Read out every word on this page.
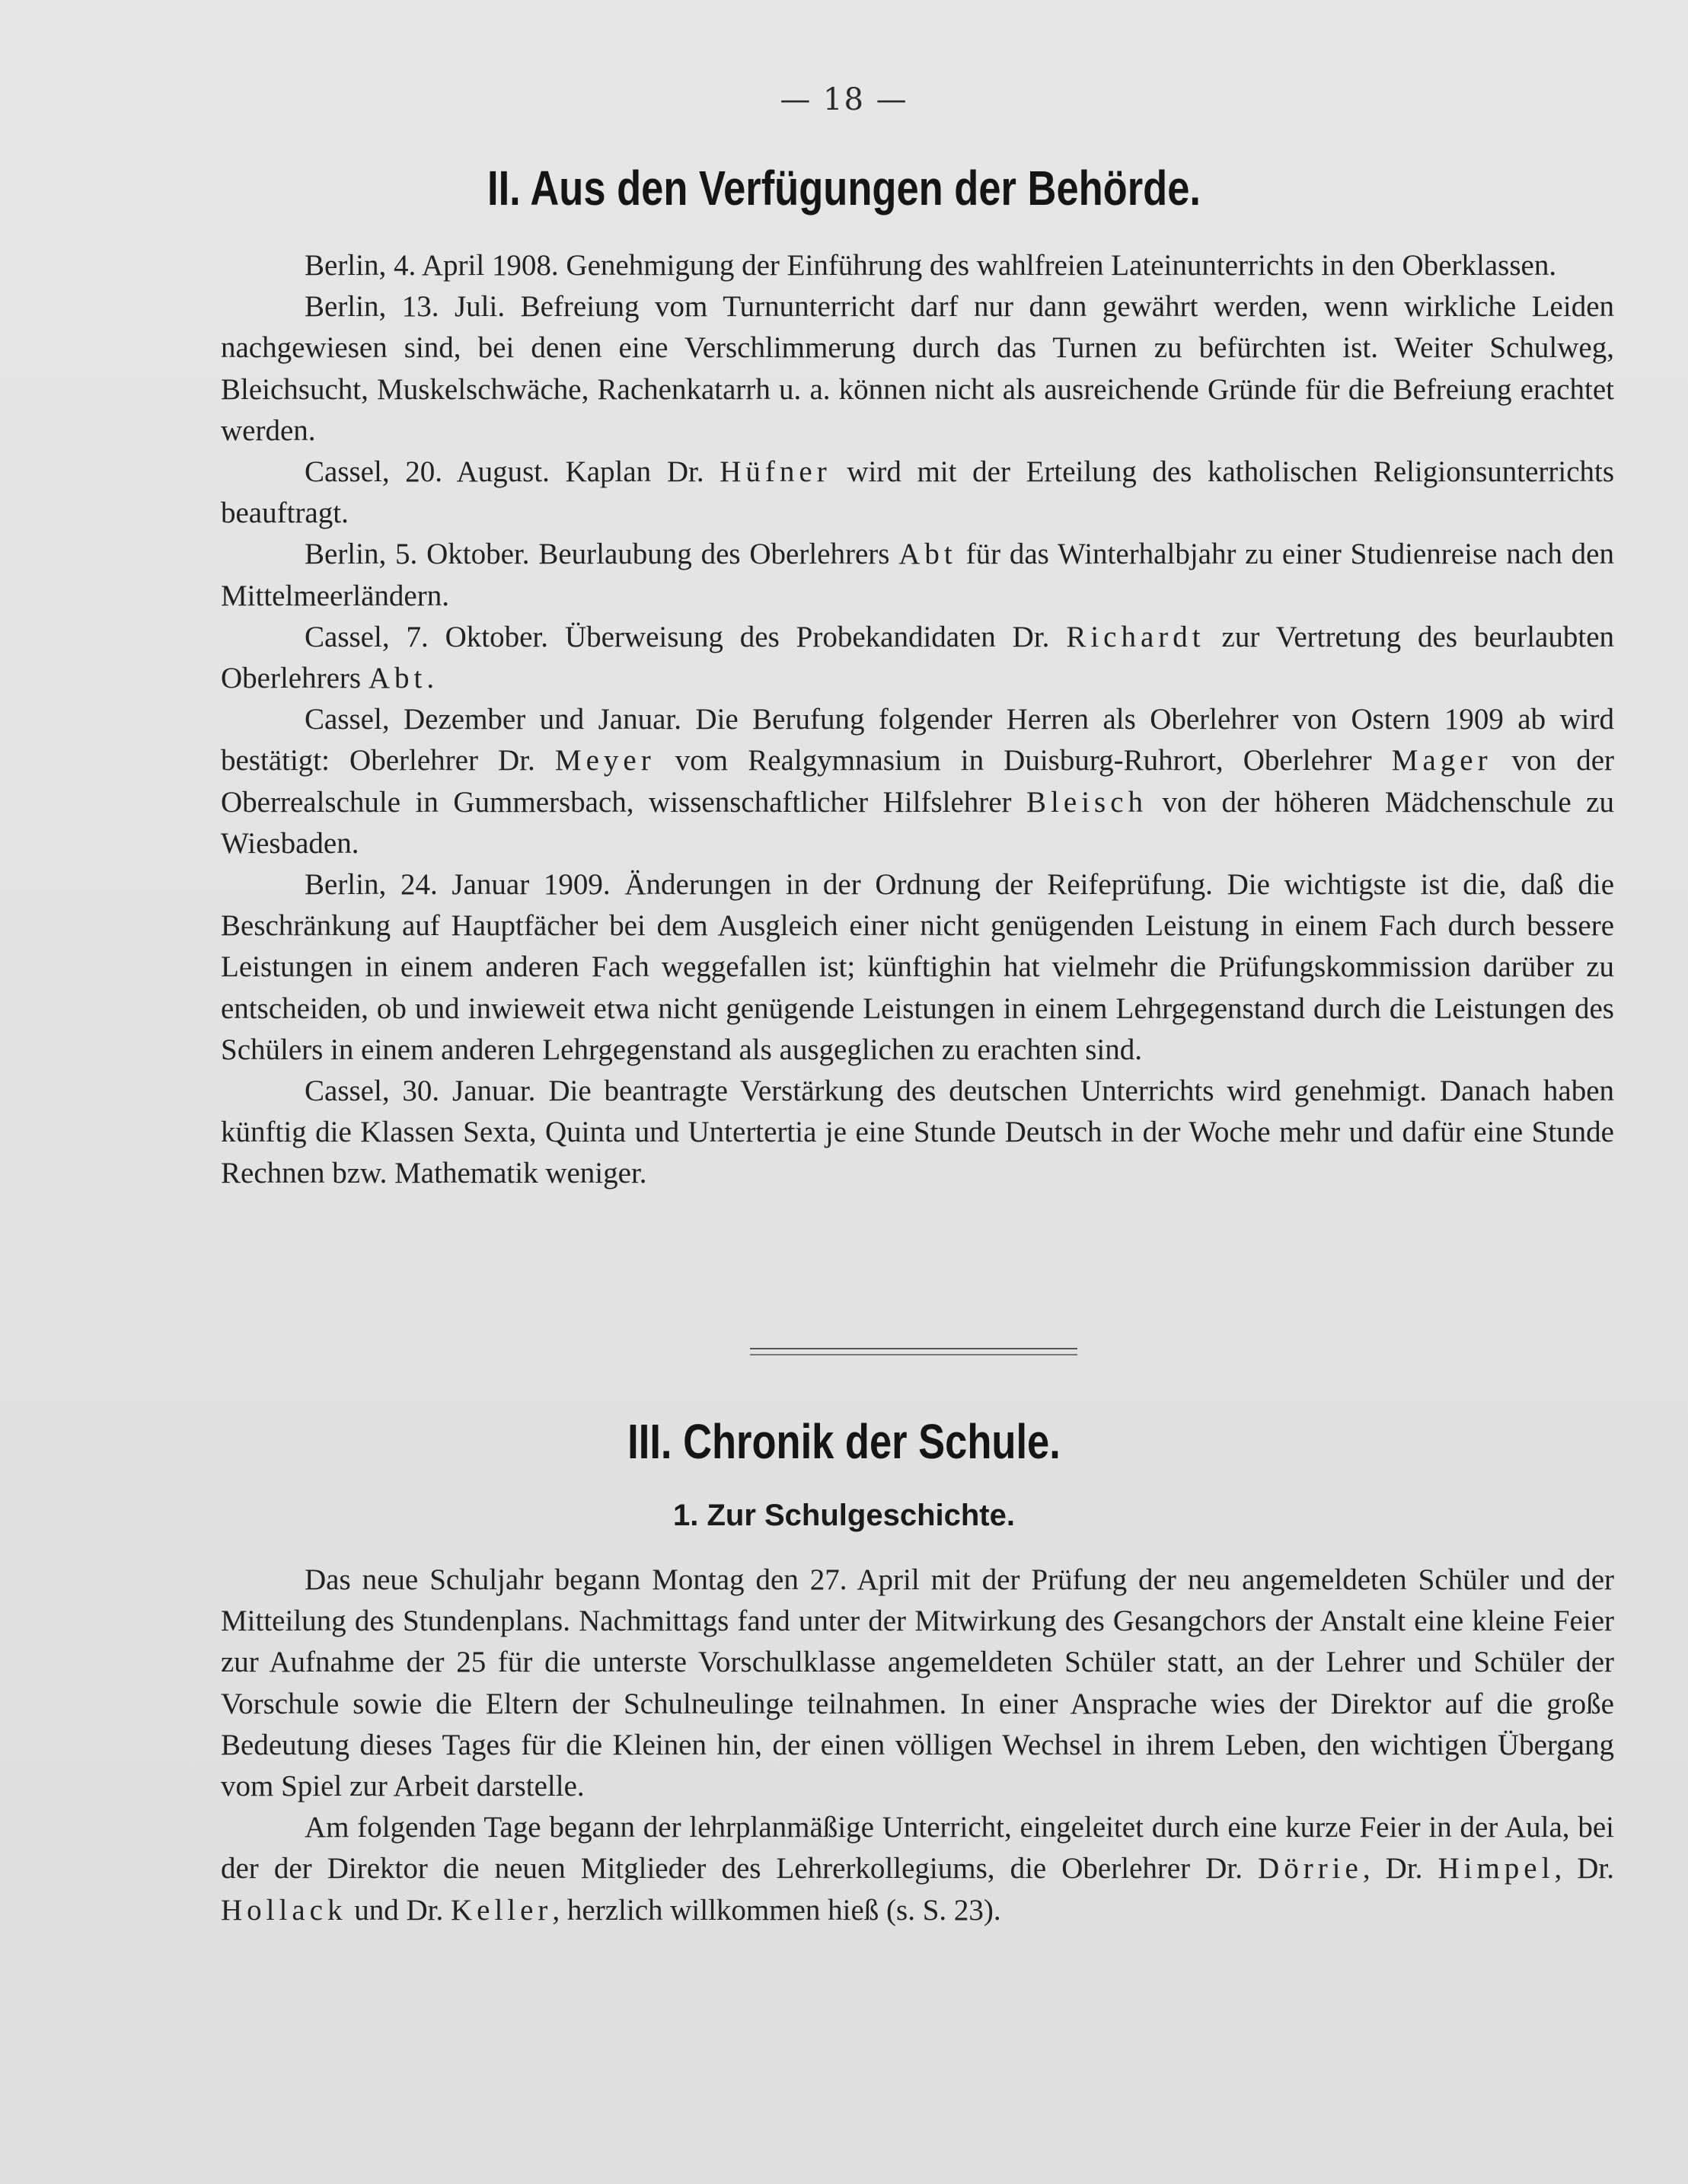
— 18 —
II. Aus den Verfügungen der Behörde.

Berlin, 4. April 1908. Genehmigung der Einführung des wahlfreien Lateinunterrichts in den Oberklassen.

Berlin, 13. Juli. Befreiung vom Turnunterricht darf nur dann gewährt werden, wenn wirkliche Leiden nachgewiesen sind, bei denen eine Verschlimmerung durch das Turnen zu befürchten ist. Weiter Schulweg, Bleichsucht, Muskelschwäche, Rachenkatarrh u. a. können nicht als ausreichende Gründe für die Befreiung erachtet werden.

Cassel, 20. August. Kaplan Dr. Hüfner wird mit der Erteilung des katholischen Religionsunterrichts beauftragt.

Berlin, 5. Oktober. Beurlaubung des Oberlehrers Abt für das Winterhalbjahr zu einer Studienreise nach den Mittelmeerländern.

Cassel, 7. Oktober. Überweisung des Probekandidaten Dr. Richardt zur Vertretung des beurlaubten Oberlehrers Abt.

Cassel, Dezember und Januar. Die Berufung folgender Herren als Oberlehrer von Ostern 1909 ab wird bestätigt: Oberlehrer Dr. Meyer vom Realgymnasium in Duisburg-Ruhrort, Oberlehrer Mager von der Oberrealschule in Gummersbach, wissenschaftlicher Hilfslehrer Bleisch von der höheren Mädchenschule zu Wiesbaden.

Berlin, 24. Januar 1909. Änderungen in der Ordnung der Reifeprüfung. Die wichtigste ist die, daß die Beschränkung auf Hauptfächer bei dem Ausgleich einer nicht genügenden Leistung in einem Fach durch bessere Leistungen in einem anderen Fach weggefallen ist; künftighin hat vielmehr die Prüfungskommission darüber zu entscheiden, ob und inwieweit etwa nicht genügende Leistungen in einem Lehrgegenstand durch die Leistungen des Schülers in einem anderen Lehrgegenstand als ausgeglichen zu erachten sind.

Cassel, 30. Januar. Die beantragte Verstärkung des deutschen Unterrichts wird genehmigt. Danach haben künftig die Klassen Sexta, Quinta und Untertertia je eine Stunde Deutsch in der Woche mehr und dafür eine Stunde Rechnen bzw. Mathematik weniger.

III. Chronik der Schule.
1. Zur Schulgeschichte.

Das neue Schuljahr begann Montag den 27. April mit der Prüfung der neu angemeldeten Schüler und der Mitteilung des Stundenplans. Nachmittags fand unter der Mitwirkung des Gesangchors der Anstalt eine kleine Feier zur Aufnahme der 25 für die unterste Vorschulklasse angemeldeten Schüler statt, an der Lehrer und Schüler der Vorschule sowie die Eltern der Schulneulinge teilnahmen. In einer Ansprache wies der Direktor auf die große Bedeutung dieses Tages für die Kleinen hin, der einen völligen Wechsel in ihrem Leben, den wichtigen Übergang vom Spiel zur Arbeit darstelle.

Am folgenden Tage begann der lehrplanmäßige Unterricht, eingeleitet durch eine kurze Feier in der Aula, bei der der Direktor die neuen Mitglieder des Lehrerkollegiums, die Oberlehrer Dr. Dörrie, Dr. Himpel, Dr. Hollack und Dr. Keller, herzlich willkommen hieß (s. S. 23).
